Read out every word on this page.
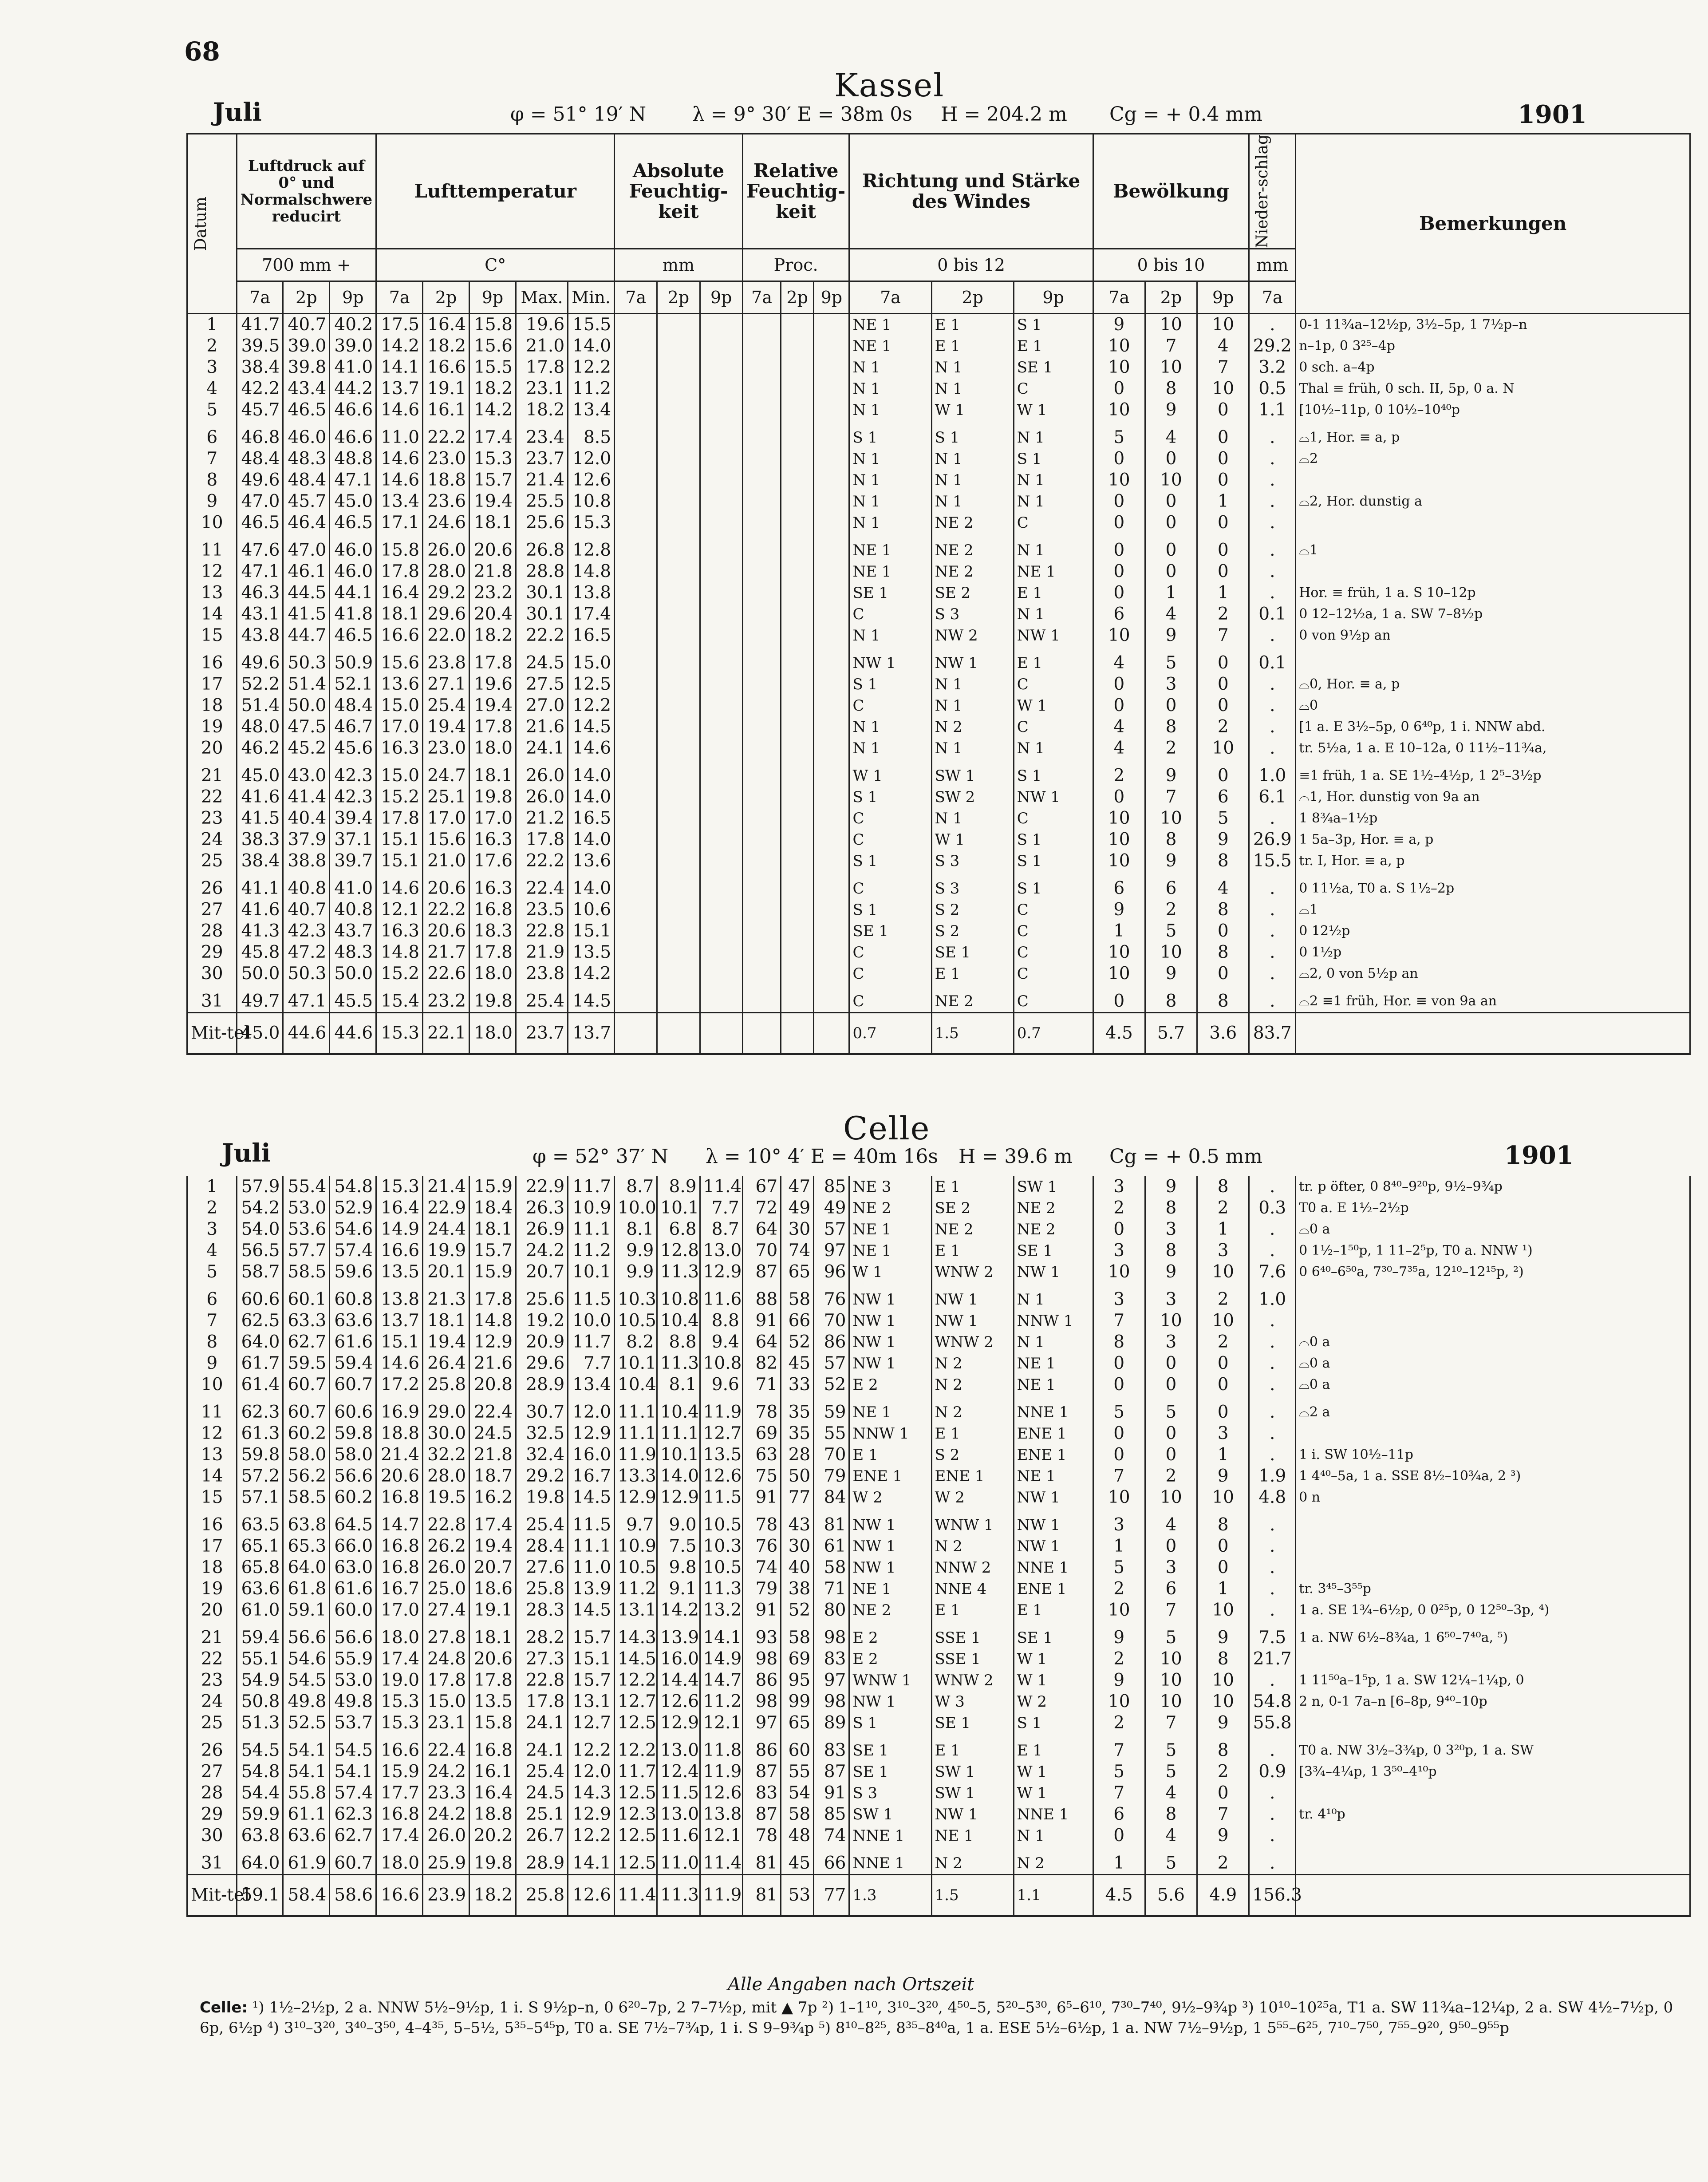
68
Kassel
Juli	φ = 51° 19′ N λ = 9° 30′ E = 38m 0s H = 204.2 m Cg = + 0.4 mm	1901
Datum	Luftdruck auf 0° und Normalschwere reducirt			Lufttemperatur					Absolute Feuchtig-keit			Relative Feuchtig-keit			Richtung und Stärke des Windes			Bewölkung			Nieder-schlag	Bemerkungen
	700 mm +			C°					mm			Proc.			0 bis 12			0 bis 10			mm	
	7a	2p	9p	7a	2p	9p	Max.	Min.	7a	2p	9p	7a	2p	9p	7a	2p	9p	7a	2p	9p	7a	
1	41.7	40.7	40.2	17.5	16.4	15.8	19.6	15.5							NE 1	E 1	S 1	9	10	10	.	0-1 11¾a–12½p, 3½–5p, 1 7½p–n
2	39.5	39.0	39.0	14.2	18.2	15.6	21.0	14.0							NE 1	E 1	E 1	10	7	4	29.2	n–1p, 0 3²⁵–4p
3	38.4	39.8	41.0	14.1	16.6	15.5	17.8	12.2							N 1	N 1	SE 1	10	10	7	3.2	0 sch. a–4p
4	42.2	43.4	44.2	13.7	19.1	18.2	23.1	11.2							N 1	N 1	C	0	8	10	0.5	Thal ≡ früh, 0 sch. II, 5p, 0 a. N
5	45.7	46.5	46.6	14.6	16.1	14.2	18.2	13.4							N 1	W 1	W 1	10	9	0	1.1	[10½–11p, 0 10½–10⁴⁰p

6	46.8	46.0	46.6	11.0	22.2	17.4	23.4	8.5							S 1	S 1	N 1	5	4	0	.	⌓1, Hor. ≡ a, p
7	48.4	48.3	48.8	14.6	23.0	15.3	23.7	12.0							N 1	N 1	S 1	0	0	0	.	⌓2
8	49.6	48.4	47.1	14.6	18.8	15.7	21.4	12.6							N 1	N 1	N 1	10	10	0	.	
9	47.0	45.7	45.0	13.4	23.6	19.4	25.5	10.8							N 1	N 1	N 1	0	0	1	.	⌓2, Hor. dunstig a
10	46.5	46.4	46.5	17.1	24.6	18.1	25.6	15.3							N 1	NE 2	C	0	0	0	.	

11	47.6	47.0	46.0	15.8	26.0	20.6	26.8	12.8							NE 1	NE 2	N 1	0	0	0	.	⌓1
12	47.1	46.1	46.0	17.8	28.0	21.8	28.8	14.8							NE 1	NE 2	NE 1	0	0	0	.	
13	46.3	44.5	44.1	16.4	29.2	23.2	30.1	13.8							SE 1	SE 2	E 1	0	1	1	.	Hor. ≡ früh, 1 a. S 10–12p
14	43.1	41.5	41.8	18.1	29.6	20.4	30.1	17.4							C	S 3	N 1	6	4	2	0.1	0 12–12½a, 1 a. SW 7–8½p
15	43.8	44.7	46.5	16.6	22.0	18.2	22.2	16.5							N 1	NW 2	NW 1	10	9	7	.	0 von 9½p an

16	49.6	50.3	50.9	15.6	23.8	17.8	24.5	15.0							NW 1	NW 1	E 1	4	5	0	0.1	
17	52.2	51.4	52.1	13.6	27.1	19.6	27.5	12.5							S 1	N 1	C	0	3	0	.	⌓0, Hor. ≡ a, p
18	51.4	50.0	48.4	15.0	25.4	19.4	27.0	12.2							C	N 1	W 1	0	0	0	.	⌓0
19	48.0	47.5	46.7	17.0	19.4	17.8	21.6	14.5							N 1	N 2	C	4	8	2	.	[1 a. E 3½–5p, 0 6⁴⁰p, 1 i. NNW abd.
20	46.2	45.2	45.6	16.3	23.0	18.0	24.1	14.6							N 1	N 1	N 1	4	2	10	.	tr. 5½a, 1 a. E 10–12a, 0 11½–11¾a,

21	45.0	43.0	42.3	15.0	24.7	18.1	26.0	14.0							W 1	SW 1	S 1	2	9	0	1.0	≡1 früh, 1 a. SE 1½–4½p, 1 2⁵–3½p
22	41.6	41.4	42.3	15.2	25.1	19.8	26.0	14.0							S 1	SW 2	NW 1	0	7	6	6.1	⌓1, Hor. dunstig von 9a an
23	41.5	40.4	39.4	17.8	17.0	17.0	21.2	16.5							C	N 1	C	10	10	5	.	1 8¾a–1½p
24	38.3	37.9	37.1	15.1	15.6	16.3	17.8	14.0							C	W 1	S 1	10	8	9	26.9	1 5a–3p, Hor. ≡ a, p
25	38.4	38.8	39.7	15.1	21.0	17.6	22.2	13.6							S 1	S 3	S 1	10	9	8	15.5	tr. I, Hor. ≡ a, p

26	41.1	40.8	41.0	14.6	20.6	16.3	22.4	14.0							C	S 3	S 1	6	6	4	.	0 11½a, T0 a. S 1½–2p
27	41.6	40.7	40.8	12.1	22.2	16.8	23.5	10.6							S 1	S 2	C	9	2	8	.	⌓1
28	41.3	42.3	43.7	16.3	20.6	18.3	22.8	15.1							SE 1	S 2	C	1	5	0	.	0 12½p
29	45.8	47.2	48.3	14.8	21.7	17.8	21.9	13.5							C	SE 1	C	10	10	8	.	0 1½p
30	50.0	50.3	50.0	15.2	22.6	18.0	23.8	14.2							C	E 1	C	10	9	0	.	⌓2, 0 von 5½p an

31	49.7	47.1	45.5	15.4	23.2	19.8	25.4	14.5							C	NE 2	C	0	8	8	.	⌓2 ≡1 früh, Hor. ≡ von 9a an
Mit-tel	45.0	44.6	44.6	15.3	22.1	18.0	23.7	13.7							0.7	1.5	0.7	4.5	5.7	3.6	83.7	
Celle
Juli	φ = 52° 37′ N λ = 10° 4′ E = 40m 16s H = 39.6 m Cg = + 0.5 mm	1901
1	57.9	55.4	54.8	15.3	21.4	15.9	22.9	11.7	8.7	8.9	11.4	67	47	85	NE 3	E 1	SW 1	3	9	8	.	tr. p öfter, 0 8⁴⁰–9²⁰p, 9½–9¾p
2	54.2	53.0	52.9	16.4	22.9	18.4	26.3	10.9	10.0	10.1	7.7	72	49	49	NE 2	SE 2	NE 2	2	8	2	0.3	T0 a. E 1½–2½p
3	54.0	53.6	54.6	14.9	24.4	18.1	26.9	11.1	8.1	6.8	8.7	64	30	57	NE 1	NE 2	NE 2	0	3	1	.	⌓0 a
4	56.5	57.7	57.4	16.6	19.9	15.7	24.2	11.2	9.9	12.8	13.0	70	74	97	NE 1	E 1	SE 1	3	8	3	.	0 1½–1⁵⁰p, 1 11–2⁵p, T0 a. NNW ¹)
5	58.7	58.5	59.6	13.5	20.1	15.9	20.7	10.1	9.9	11.3	12.9	87	65	96	W 1	WNW 2	NW 1	10	9	10	7.6	0 6⁴⁰–6⁵⁰a, 7³⁰–7³⁵a, 12¹⁰–12¹⁵p, ²)

6	60.6	60.1	60.8	13.8	21.3	17.8	25.6	11.5	10.3	10.8	11.6	88	58	76	NW 1	NW 1	N 1	3	3	2	1.0	
7	62.5	63.3	63.6	13.7	18.1	14.8	19.2	10.0	10.5	10.4	8.8	91	66	70	NW 1	NW 1	NNW 1	7	10	10	.	
8	64.0	62.7	61.6	15.1	19.4	12.9	20.9	11.7	8.2	8.8	9.4	64	52	86	NW 1	WNW 2	N 1	8	3	2	.	⌓0 a
9	61.7	59.5	59.4	14.6	26.4	21.6	29.6	7.7	10.1	11.3	10.8	82	45	57	NW 1	N 2	NE 1	0	0	0	.	⌓0 a
10	61.4	60.7	60.7	17.2	25.8	20.8	28.9	13.4	10.4	8.1	9.6	71	33	52	E 2	N 2	NE 1	0	0	0	.	⌓0 a

11	62.3	60.7	60.6	16.9	29.0	22.4	30.7	12.0	11.1	10.4	11.9	78	35	59	NE 1	N 2	NNE 1	5	5	0	.	⌓2 a
12	61.3	60.2	59.8	18.8	30.0	24.5	32.5	12.9	11.1	11.1	12.7	69	35	55	NNW 1	E 1	ENE 1	0	0	3	.	
13	59.8	58.0	58.0	21.4	32.2	21.8	32.4	16.0	11.9	10.1	13.5	63	28	70	E 1	S 2	ENE 1	0	0	1	.	1 i. SW 10½–11p
14	57.2	56.2	56.6	20.6	28.0	18.7	29.2	16.7	13.3	14.0	12.6	75	50	79	ENE 1	ENE 1	NE 1	7	2	9	1.9	1 4⁴⁰–5a, 1 a. SSE 8½–10¾a, 2 ³)
15	57.1	58.5	60.2	16.8	19.5	16.2	19.8	14.5	12.9	12.9	11.5	91	77	84	W 2	W 2	NW 1	10	10	10	4.8	0 n

16	63.5	63.8	64.5	14.7	22.8	17.4	25.4	11.5	9.7	9.0	10.5	78	43	81	NW 1	WNW 1	NW 1	3	4	8	.	
17	65.1	65.3	66.0	16.8	26.2	19.4	28.4	11.1	10.9	7.5	10.3	76	30	61	NW 1	N 2	NW 1	1	0	0	.	
18	65.8	64.0	63.0	16.8	26.0	20.7	27.6	11.0	10.5	9.8	10.5	74	40	58	NW 1	NNW 2	NNE 1	5	3	0	.	
19	63.6	61.8	61.6	16.7	25.0	18.6	25.8	13.9	11.2	9.1	11.3	79	38	71	NE 1	NNE 4	ENE 1	2	6	1	.	tr. 3⁴⁵–3⁵⁵p
20	61.0	59.1	60.0	17.0	27.4	19.1	28.3	14.5	13.1	14.2	13.2	91	52	80	NE 2	E 1	E 1	10	7	10	.	1 a. SE 1¾–6½p, 0 0²⁵p, 0 12⁵⁰–3p, ⁴)

21	59.4	56.6	56.6	18.0	27.8	18.1	28.2	15.7	14.3	13.9	14.1	93	58	98	E 2	SSE 1	SE 1	9	5	9	7.5	1 a. NW 6½–8¾a, 1 6⁵⁰–7⁴⁰a, ⁵)
22	55.1	54.6	55.9	17.4	24.8	20.6	27.3	15.1	14.5	16.0	14.9	98	69	83	E 2	SSE 1	W 1	2	10	8	21.7	
23	54.9	54.5	53.0	19.0	17.8	17.8	22.8	15.7	12.2	14.4	14.7	86	95	97	WNW 1	WNW 2	W 1	9	10	10	.	1 11⁵⁰a–1⁵p, 1 a. SW 12¼–1¼p, 0
24	50.8	49.8	49.8	15.3	15.0	13.5	17.8	13.1	12.7	12.6	11.2	98	99	98	NW 1	W 3	W 2	10	10	10	54.8	2 n, 0-1 7a–n [6–8p, 9⁴⁰–10p
25	51.3	52.5	53.7	15.3	23.1	15.8	24.1	12.7	12.5	12.9	12.1	97	65	89	S 1	SE 1	S 1	2	7	9	55.8	

26	54.5	54.1	54.5	16.6	22.4	16.8	24.1	12.2	12.2	13.0	11.8	86	60	83	SE 1	E 1	E 1	7	5	8	.	T0 a. NW 3½–3¾p, 0 3²⁰p, 1 a. SW
27	54.8	54.1	54.1	15.9	24.2	16.1	25.4	12.0	11.7	12.4	11.9	87	55	87	SE 1	SW 1	W 1	5	5	2	0.9	[3¾–4¼p, 1 3⁵⁰–4¹⁰p
28	54.4	55.8	57.4	17.7	23.3	16.4	24.5	14.3	12.5	11.5	12.6	83	54	91	S 3	SW 1	W 1	7	4	0	.	
29	59.9	61.1	62.3	16.8	24.2	18.8	25.1	12.9	12.3	13.0	13.8	87	58	85	SW 1	NW 1	NNE 1	6	8	7	.	tr. 4¹⁰p
30	63.8	63.6	62.7	17.4	26.0	20.2	26.7	12.2	12.5	11.6	12.1	78	48	74	NNE 1	NE 1	N 1	0	4	9	.	

31	64.0	61.9	60.7	18.0	25.9	19.8	28.9	14.1	12.5	11.0	11.4	81	45	66	NNE 1	N 2	N 2	1	5	2	.	
Mit-tel	59.1	58.4	58.6	16.6	23.9	18.2	25.8	12.6	11.4	11.3	11.9	81	53	77	1.3	1.5	1.1	4.5	5.6	4.9	156.3	
Alle Angaben nach Ortszeit
Celle: ¹) 1½–2½p, 2 a. NNW 5½–9½p, 1 i. S 9½p–n, 0 6²⁰–7p, 2 7–7½p, mit ▲ 7p ²) 1–1¹⁰, 3¹⁰–3²⁰, 4⁵⁰–5, 5²⁰–5³⁰, 6⁵–6¹⁰, 7³⁰–7⁴⁰, 9½–9¾p ³) 10¹⁰–10²⁵a, T1 a. SW 11¾a–12¼p, 2 a. SW 4½–7½p, 0 6p, 6½p ⁴) 3¹⁰–3²⁰, 3⁴⁰–3⁵⁰, 4–4³⁵, 5–5½, 5³⁵–5⁴⁵p, T0 a. SE 7½–7¾p, 1 i. S 9–9¾p ⁵) 8¹⁰–8²⁵, 8³⁵–8⁴⁰a, 1 a. ESE 5½–6½p, 1 a. NW 7½–9½p, 1 5⁵⁵–6²⁵, 7¹⁰–7⁵⁰, 7⁵⁵–9²⁰, 9⁵⁰–9⁵⁵p
